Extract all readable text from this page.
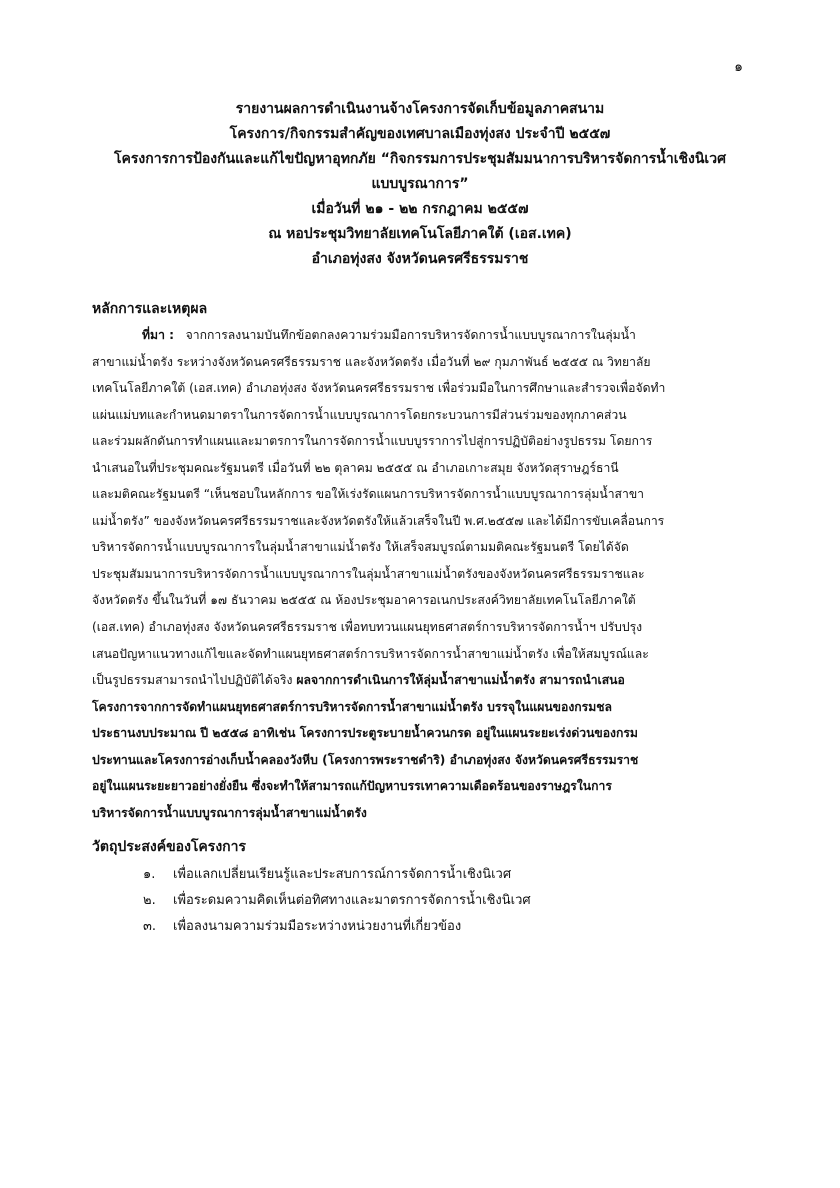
๑
รายงานผลการดำเนินงานจ้างโครงการจัดเก็บข้อมูลภาคสนาม
โครงการ/กิจกรรมสำคัญของเทศบาลเมืองทุ่งสง ประจำปี ๒๕๕๗
โครงการการป้องกันและแก้ไขปัญหาอุทกภัย “กิจกรรมการประชุมสัมมนาการบริหารจัดการน้ำเชิงนิเวศ
แบบบูรณาการ”
เมื่อวันที่ ๒๑ - ๒๒ กรกฎาคม ๒๕๕๗
ณ หอประชุมวิทยาลัยเทคโนโลยีภาคใต้ (เอส.เทค)
อำเภอทุ่งสง จังหวัดนครศรีธรรมราช
หลักการและเหตุผล
ที่มา : จากการลงนามบันทึกข้อตกลงความร่วมมือการบริหารจัดการน้ำแบบบูรณาการในลุ่มน้ำ
สาขาแม่น้ำตรัง ระหว่างจังหวัดนครศรีธรรมราช และจังหวัดตรัง เมื่อวันที่ ๒๙ กุมภาพันธ์ ๒๕๕๕ ณ วิทยาลัย
เทคโนโลยีภาคใต้ (เอส.เทค) อำเภอทุ่งสง จังหวัดนครศรีธรรมราช เพื่อร่วมมือในการศึกษาและสำรวจเพื่อจัดทำ
แผ่นแม่บทและกำหนดมาตราในการจัดการน้ำแบบบูรณาการโดยกระบวนการมีส่วนร่วมของทุกภาคส่วน
และร่วมผลักดันการทำแผนและมาตรการในการจัดการน้ำแบบบูรราการไปสู่การปฏิบัติอย่างรูปธรรม โดยการ
นำเสนอในที่ประชุมคณะรัฐมนตรี เมื่อวันที่ ๒๒ ตุลาคม ๒๕๕๕ ณ อำเภอเกาะสมุย จังหวัดสุราษฎร์ธานี
และมติคณะรัฐมนตรี “เห็นชอบในหลักการ ขอให้เร่งรัดแผนการบริหารจัดการน้ำแบบบูรณาการลุ่มน้ำสาขา
แม่น้ำตรัง” ของจังหวัดนครศรีธรรมราชและจังหวัดตรังให้แล้วเสร็จในปี พ.ศ.๒๕๕๗ และได้มีการขับเคลื่อนการ
บริหารจัดการน้ำแบบบูรณาการในลุ่มน้ำสาขาแม่น้ำตรัง ให้เสร็จสมบูรณ์ตามมติคณะรัฐมนตรี โดยได้จัด
ประชุมสัมมนาการบริหารจัดการน้ำแบบบูรณาการในลุ่มน้ำสาขาแม่น้ำตรังของจังหวัดนครศรีธรรมราชและ
จังหวัดตรัง ขึ้นในวันที่ ๑๗ ธันวาคม ๒๕๕๕ ณ ห้องประชุมอาคารอเนกประสงค์วิทยาลัยเทคโนโลยีภาคใต้
(เอส.เทค) อำเภอทุ่งสง จังหวัดนครศรีธรรมราช เพื่อทบทวนแผนยุทธศาสตร์การบริหารจัดการน้ำฯ ปรับปรุง
เสนอปัญหาแนวทางแก้ไขและจัดทำแผนยุทธศาสตร์การบริหารจัดการน้ำสาขาแม่น้ำตรัง เพื่อให้สมบูรณ์และ
เป็นรูปธรรมสามารถนำไปปฏิบัติได้จริง ผลจากการดำเนินการให้ลุ่มน้ำสาขาแม่น้ำตรัง สามารถนำเสนอ
โครงการจากการจัดทำแผนยุทธศาสตร์การบริหารจัดการน้ำสาขาแม่น้ำตรัง บรรจุในแผนของกรมชล
ประธานงบประมาณ ปี ๒๕๕๘ อาทิเช่น โครงการประตูระบายน้ำควนกรด อยู่ในแผนระยะเร่งด่วนของกรม
ประทานและโครงการอ่างเก็บน้ำคลองวังหีบ (โครงการพระราชดำริ) อำเภอทุ่งสง จังหวัดนครศรีธรรมราช
อยู่ในแผนระยะยาวอย่างยั่งยืน ซึ่งจะทำให้สามารถแก้ปัญหาบรรเทาความเดือดร้อนของราษฎรในการ
บริหารจัดการน้ำแบบบูรณาการลุ่มน้ำสาขาแม่น้ำตรัง
วัตถุประสงค์ของโครงการ
๑. เพื่อแลกเปลี่ยนเรียนรู้และประสบการณ์การจัดการน้ำเชิงนิเวศ
๒. เพื่อระดมความคิดเห็นต่อทิศทางและมาตรการจัดการน้ำเชิงนิเวศ
๓. เพื่อลงนามความร่วมมือระหว่างหน่วยงานที่เกี่ยวข้อง
